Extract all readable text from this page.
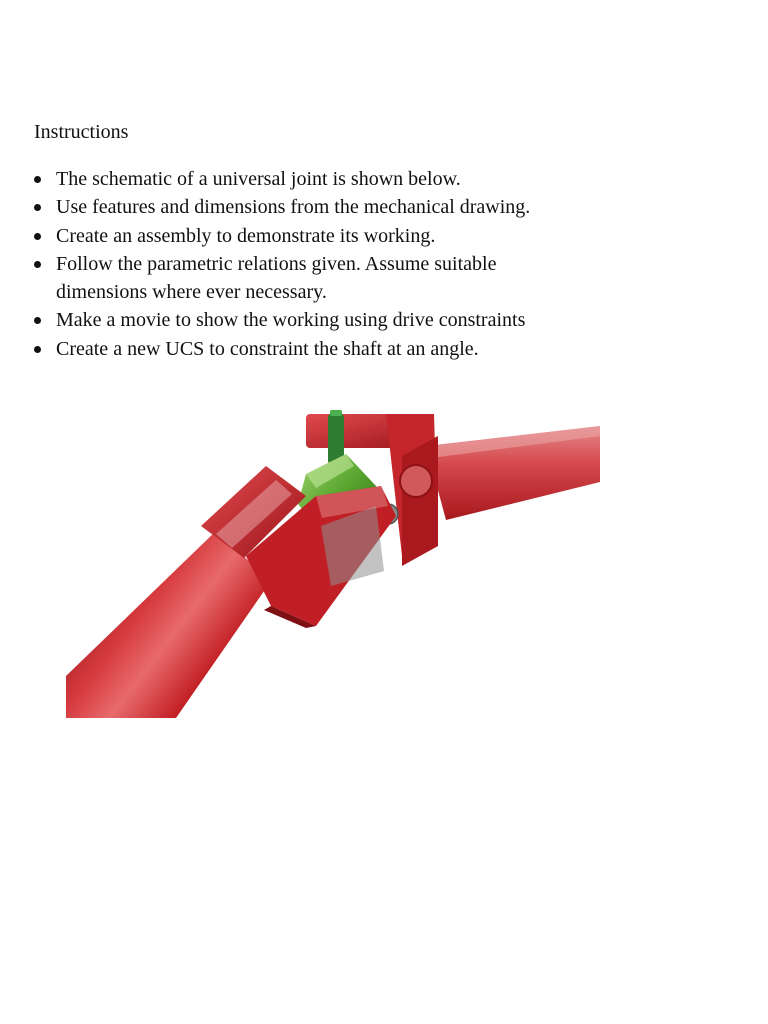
Instructions
The schematic of a universal joint is shown below.
Use features and dimensions from the mechanical drawing.
Create an assembly to demonstrate its working.
Follow the parametric relations given. Assume suitable dimensions where ever necessary.
Make a movie to show the working using drive constraints
Create a new UCS to constraint the shaft at an angle.
